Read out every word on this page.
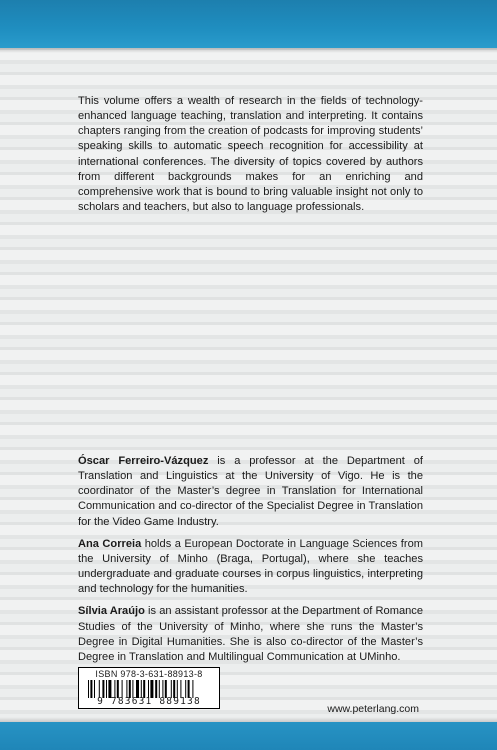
This volume offers a wealth of research in the fields of technology-enhanced language teaching, translation and interpreting. It contains chapters ranging from the creation of podcasts for improving students’ speaking skills to automatic speech recognition for accessibility at international conferences. The diversity of topics covered by authors from different backgrounds makes for an enriching and comprehensive work that is bound to bring valuable insight not only to scholars and teachers, but also to language professionals.

Óscar Ferreiro-Vázquez is a professor at the Department of Translation and Linguistics at the University of Vigo. He is the coordinator of the Master’s degree in Translation for International Communication and co-director of the Specialist Degree in Translation for the Video Game Industry.

Ana Correia holds a European Doctorate in Language Sciences from the University of Minho (Braga, Portugal), where she teaches undergraduate and graduate courses in corpus linguistics, interpreting and technology for the humanities.

Sílvia Araújo is an assistant professor at the Department of Romance Studies of the University of Minho, where she runs the Master’s Degree in Digital Humanities. She is also co-director of the Master’s Degree in Translation and Multilingual Communication at UMinho.

ISBN 978-3-631-88913-8
9 783631 889138
www.peterlang.com
